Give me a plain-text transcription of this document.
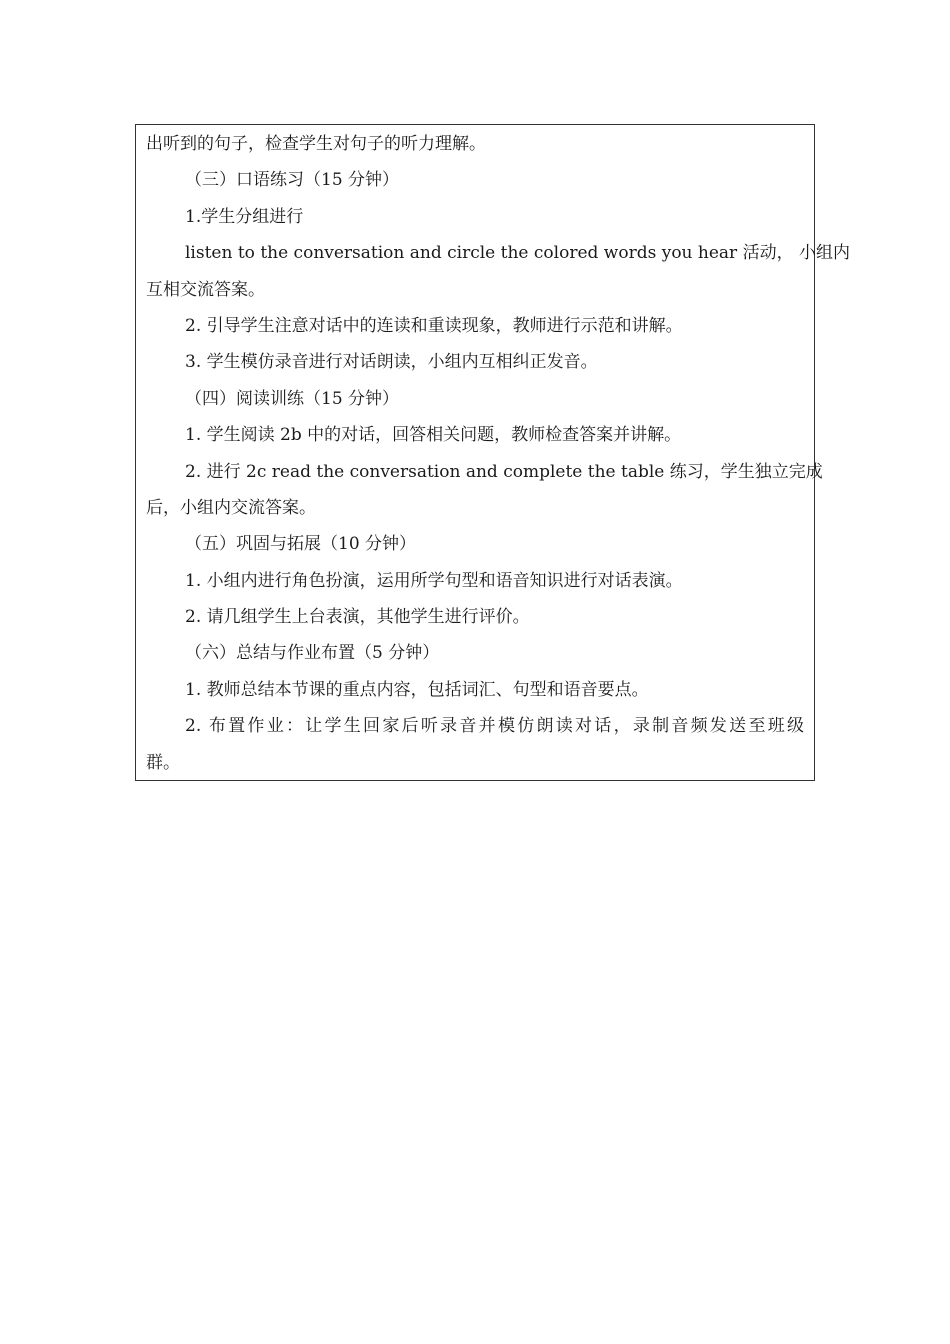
出听到的句子，检查学生对句子的听力理解。
（三）口语练习（15 分钟）
1.学生分组进行
listen to the conversation and circle the colored words you hear 活动， 小组内
互相交流答案。
2. 引导学生注意对话中的连读和重读现象，教师进行示范和讲解。
3. 学生模仿录音进行对话朗读，小组内互相纠正发音。
（四）阅读训练（15 分钟）
1. 学生阅读 2b 中的对话，回答相关问题，教师检查答案并讲解。
2. 进行 2c read the conversation and complete the table 练习，学生独立完成
后，小组内交流答案。
（五）巩固与拓展（10 分钟）
1. 小组内进行角色扮演，运用所学句型和语音知识进行对话表演。
2. 请几组学生上台表演，其他学生进行评价。
（六）总结与作业布置（5 分钟）
1. 教师总结本节课的重点内容，包括词汇、句型和语音要点。
2. 布置作业：让学生回家后听录音并模仿朗读对话，录制音频发送至班级
群。
